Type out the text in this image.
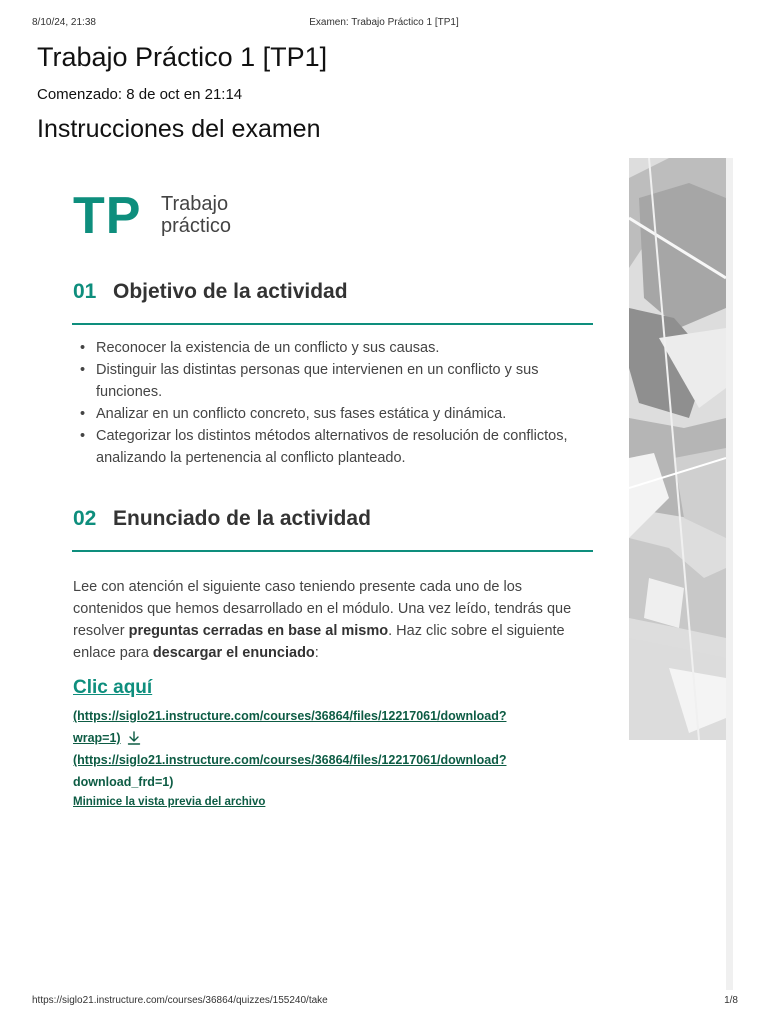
8/10/24, 21:38	Examen: Trabajo Práctico 1 [TP1]
Trabajo Práctico 1 [TP1]
Comenzado: 8 de oct en 21:14
Instrucciones del examen
TP Trabajo
práctico
01 Objetivo de la actividad
• Reconocer la existencia de un conflicto y sus causas.
• Distinguir las distintas personas que intervienen en un conflicto y sus funciones.
• Analizar en un conflicto concreto, sus fases estática y dinámica.
• Categorizar los distintos métodos alternativos de resolución de conflictos, analizando la pertenencia al conflicto planteado.
02 Enunciado de la actividad

Lee con atención el siguiente caso teniendo presente cada uno de los contenidos que hemos desarrollado en el módulo. Una vez leído, tendrás que resolver preguntas cerradas en base al mismo. Haz clic sobre el siguiente enlace para descargar el enunciado:

Clic aquí
(https://siglo21.instructure.com/courses/36864/files/12217061/download?
wrap=1)
(https://siglo21.instructure.com/courses/36864/files/12217061/download?
download_frd=1)
Minimice la vista previa del archivo
https://siglo21.instructure.com/courses/36864/quizzes/155240/take	1/8
